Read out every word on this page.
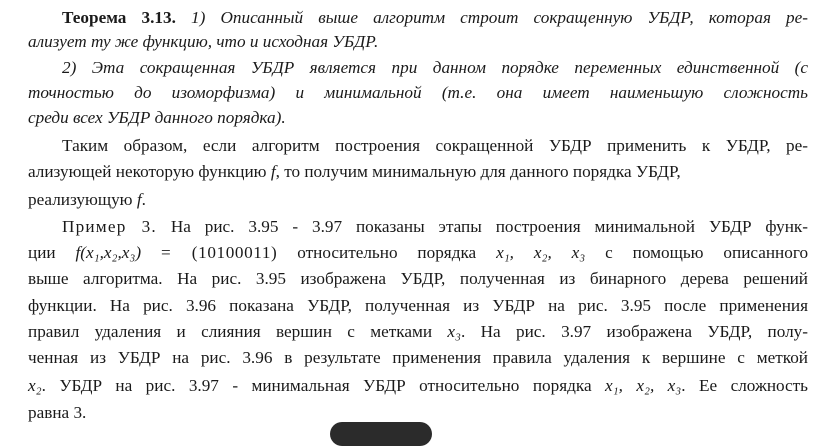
Теорема 3.13. 1) Описанный выше алгоритм строит сокращенную УБДР, которая ре-
ализует ту же функцию, что и исходная УБДР.
2) Эта сокращенная УБДР является при данном порядке переменных единственной (с
точностью до изоморфизма) и минимальной (т.е. она имеет наименьшую сложность
среди всех УБДР данного порядка).
Таким образом, если алгоритм построения сокращенной УБДР применить к УБДР, ре-
ализующей некоторую функцию f, то получим минимальную для данного порядка УБДР,
реализующую f.
Пример 3. На рис. 3.95 - 3.97 показаны этапы построения минимальной УБДР функ-
ции f(x₁,x₂,x₃) = (10100011) относительно порядка x₁, x₂, x₃ с помощью описанного
выше алгоритма. На рис. 3.95 изображена УБДР, полученная из бинарного дерева решений
функции. На рис. 3.96 показана УБДР, полученная из УБДР на рис. 3.95 после применения
правил удаления и слияния вершин с метками x₃. На рис. 3.97 изображена УБДР, полу-
ченная из УБДР на рис. 3.96 в результате применения правила удаления к вершине с меткой
x₂. УБДР на рис. 3.97 - минимальная УБДР относительно порядка x₁, x₂, x₃. Ее сложность
равна 3.
